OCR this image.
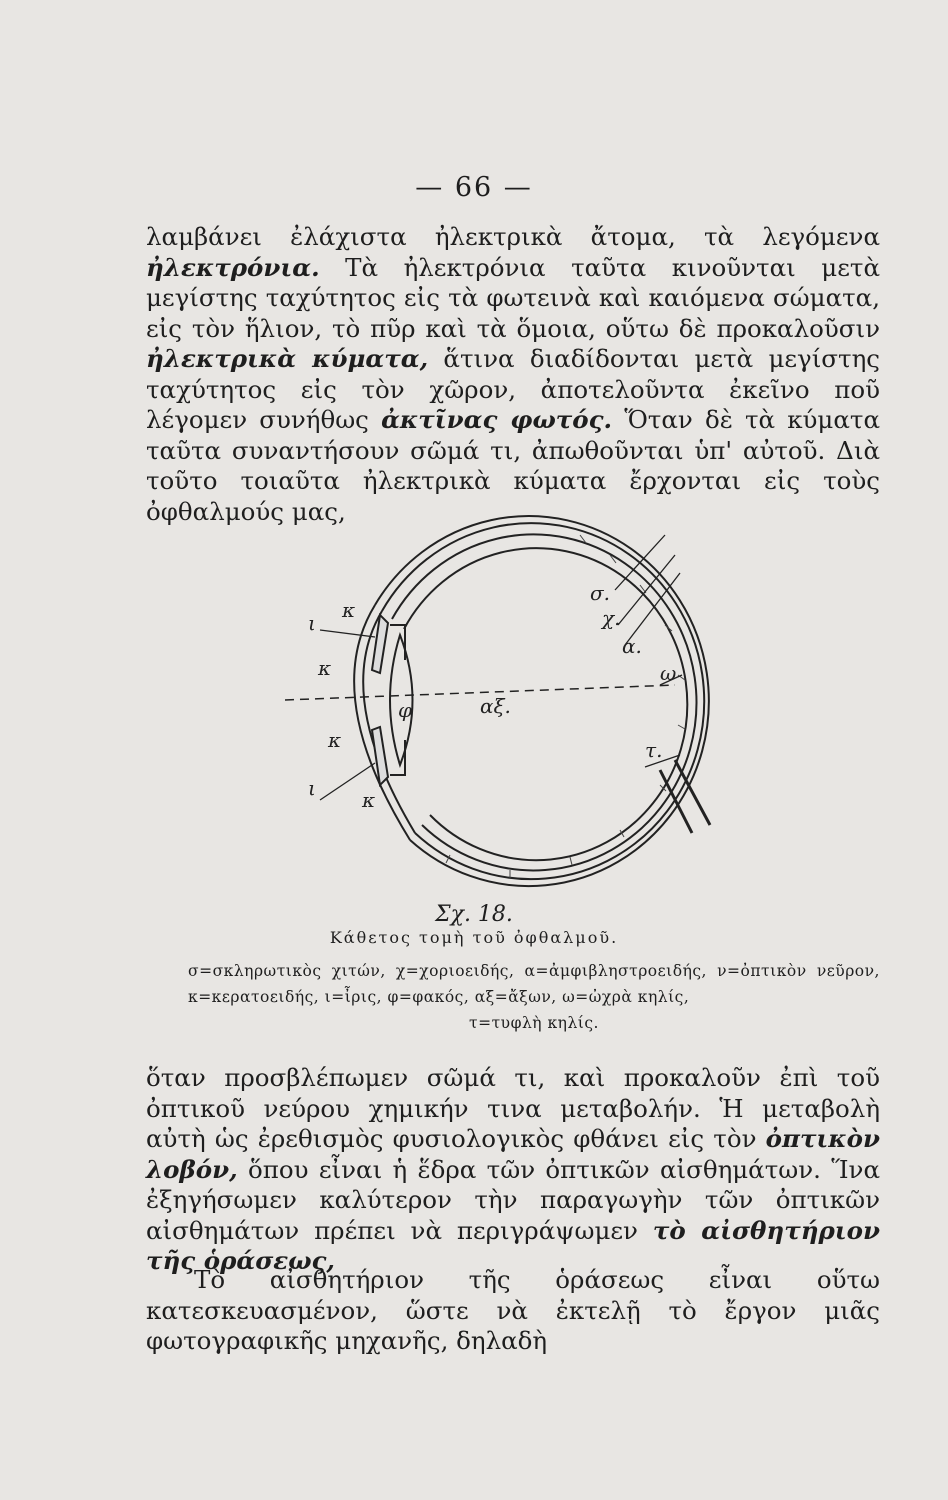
— 66 —

λαμβάνει ἐλάχιστα ἠλεκτρικὰ ἄτομα, τὰ λεγόμενα ἠλεκτρόνια. Τὰ ἠλεκτρόνια ταῦτα κινοῦνται μετὰ μεγίστης ταχύτητος εἰς τὰ φωτεινὰ καὶ καιόμενα σώματα, εἰς τὸν ἥλιον, τὸ πῦρ καὶ τὰ ὅμοια, οὕτω δὲ προκαλοῦσιν ἠλεκτρικὰ κύματα, ἅτινα διαδίδονται μετὰ μεγίστης ταχύτητος εἰς τὸν χῶρον, ἀποτελοῦντα ἐκεῖνο ποῦ λέγομεν συνήθως ἀκτῖνας φωτός. Ὅταν δὲ τὰ κύματα ταῦτα συναντήσουν σῶμά τι, ἀπωθοῦνται ὑπ' αὐτοῦ. Διὰ τοῦτο τοιαῦτα ἠλεκτρικὰ κύματα ἔρχονται εἰς τοὺς ὀφθαλμούς μας,

σ.
χ.
α.
ω
αξ.
τ.
φ
ι
ι
κ
κ
κ
κ
Σχ. 18.
Κάθετος τομὴ τοῦ ὀφθαλμοῦ.

σ=σκληρωτικὸς χιτών, χ=χοριοειδής, α=ἀμφιβληστροειδής, ν=ὀπτικὸν νεῦρον, κ=κερατοειδής, ι=ἶρις, φ=φακός, αξ=ἄξων, ω=ὠχρὰ κηλίς,
τ=τυφλὴ κηλίς.

ὅταν προσβλέπωμεν σῶμά τι, καὶ προκαλοῦν ἐπὶ τοῦ ὀπτικοῦ νεύρου χημικήν τινα μεταβολήν. Ἡ μεταβολὴ αὐτὴ ὡς ἐρεθισμὸς φυσιολογικὸς φθάνει εἰς τὸν ὀπτικὸν λοβόν, ὅπου εἶναι ἡ ἕδρα τῶν ὀπτικῶν αἰσθημάτων. Ἵνα ἐξηγήσωμεν καλύτερον τὴν παραγωγὴν τῶν ὀπτικῶν αἰσθημάτων πρέπει νὰ περιγράψωμεν τὸ αἰσθητήριον τῆς ὁράσεως,

Τὸ αἰσθητήριον τῆς ὁράσεως εἶναι οὕτω κατεσκευασμένον, ὥστε νὰ ἐκτελῇ τὸ ἔργον μιᾶς φωτογραφικῆς μηχανῆς, δηλαδὴ
